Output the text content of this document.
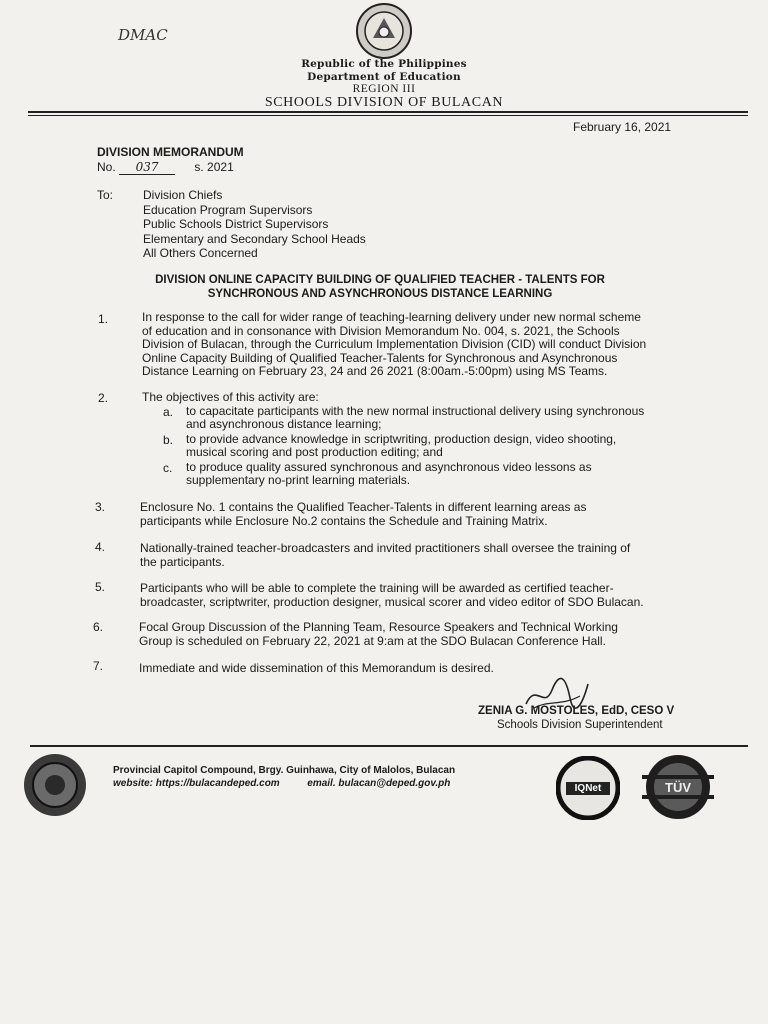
DMAC
Republic of the Philippines
Department of Education
REGION III
SCHOOLS DIVISION OF BULACAN
February 16, 2021
DIVISION MEMORANDUM
No. 037	s. 2021
To: Division Chiefs
Education Program Supervisors
Public Schools District Supervisors
Elementary and Secondary School Heads
All Others Concerned
DIVISION ONLINE CAPACITY BUILDING OF QUALIFIED TEACHER - TALENTS FOR
SYNCHRONOUS AND ASYNCHRONOUS DISTANCE LEARNING
1.	In response to the call for wider range of teaching-learning delivery under new normal scheme
of education and in consonance with Division Memorandum No. 004, s. 2021, the Schools
Division of Bulacan, through the Curriculum Implementation Division (CID) will conduct Division
Online Capacity Building of Qualified Teacher-Talents for Synchronous and Asynchronous
Distance Learning on February 23, 24 and 26 2021 (8:00am.-5:00pm) using MS Teams.
2.	The objectives of this activity are:
a. to capacitate participants with the new normal instructional delivery using synchronous
and asynchronous distance learning;
b. to provide advance knowledge in scriptwriting, production design, video shooting,
musical scoring and post production editing; and
c. to produce quality assured synchronous and asynchronous video lessons as
supplementary no-print learning materials.
3.	Enclosure No. 1 contains the Qualified Teacher-Talents in different learning areas as
participants while Enclosure No.2 contains the Schedule and Training Matrix.
4.	Nationally-trained teacher-broadcasters and invited practitioners shall oversee the training of
the participants.
5.	Participants who will be able to complete the training will be awarded as certified teacher-
broadcaster, scriptwriter, production designer, musical scorer and video editor of SDO Bulacan.
6.	Focal Group Discussion of the Planning Team, Resource Speakers and Technical Working
Group is scheduled on February 22, 2021 at 9:am at the SDO Bulacan Conference Hall.
7.	Immediate and wide dissemination of this Memorandum is desired.
ZENIA G. MOSTOLES, EdD, CESO V
Schools Division Superintendent
Provincial Capitol Compound, Brgy. Guinhawa, City of Malolos, Bulacan
website: https://bulacandeped.com	email. bulacan@deped.gov.ph	IQNet	TÜV
